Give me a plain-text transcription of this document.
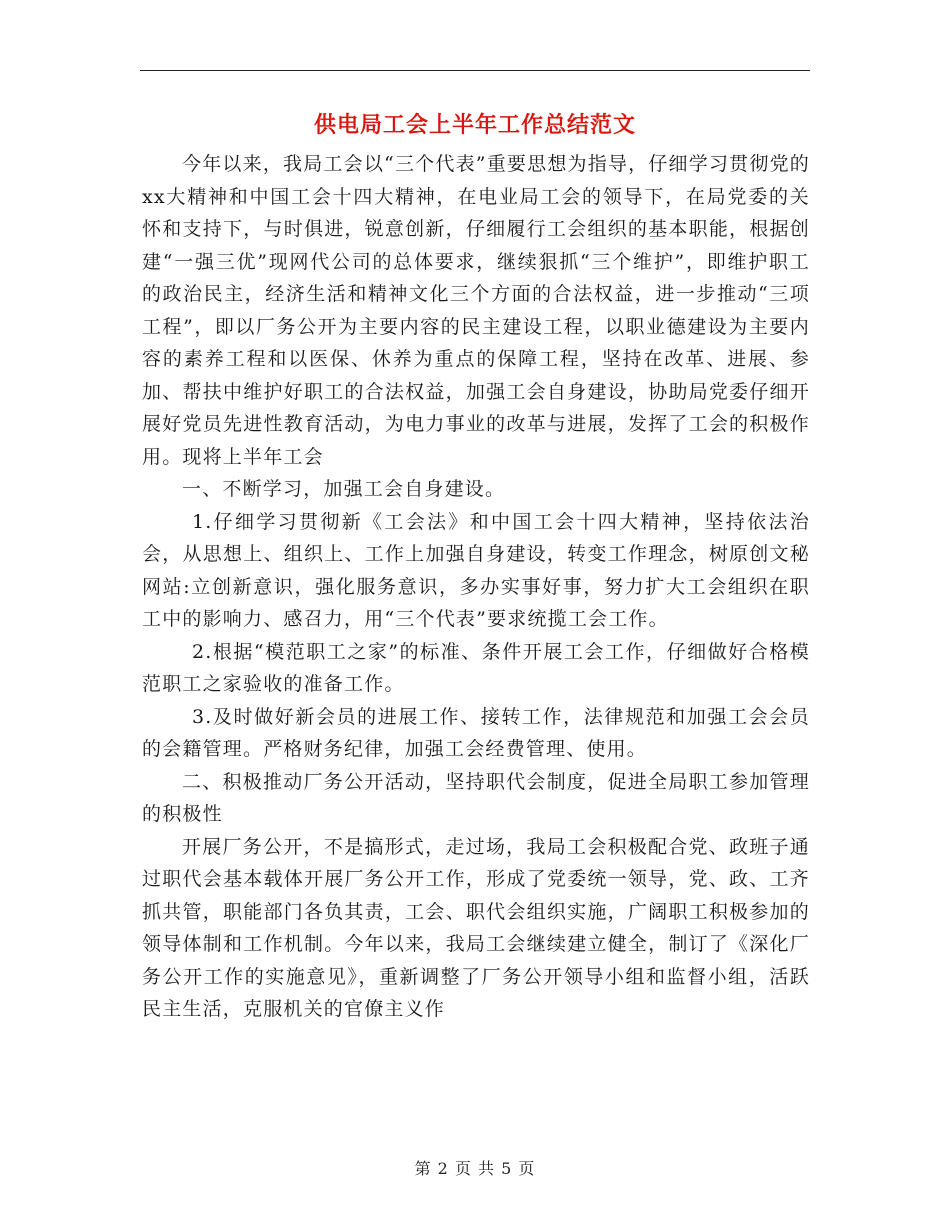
供电局工会上半年工作总结范文

今年以来，我局工会以“三个代表”重要思想为指导，仔细学习贯彻党的xx大精神和中国工会十四大精神，在电业局工会的领导下，在局党委的关怀和支持下，与时俱进，锐意创新，仔细履行工会组织的基本职能，根据创建“一强三优”现网代公司的总体要求，继续狠抓“三个维护”，即维护职工的政治民主，经济生活和精神文化三个方面的合法权益，进一步推动“三项工程”，即以厂务公开为主要内容的民主建设工程，以职业德建设为主要内容的素养工程和以医保、休养为重点的保障工程，坚持在改革、进展、参加、帮扶中维护好职工的合法权益，加强工会自身建设，协助局党委仔细开展好党员先进性教育活动，为电力事业的改革与进展，发挥了工会的积极作用。现将上半年工会

一、不断学习，加强工会自身建设。

1.仔细学习贯彻新《工会法》和中国工会十四大精神，坚持依法治会，从思想上、组织上、工作上加强自身建设，转变工作理念，树原创文秘网站:立创新意识，强化服务意识，多办实事好事，努力扩大工会组织在职工中的影响力、感召力，用“三个代表”要求统揽工会工作。

2.根据“模范职工之家”的标准、条件开展工会工作，仔细做好合格模范职工之家验收的准备工作。

3.及时做好新会员的进展工作、接转工作，法律规范和加强工会会员的会籍管理。严格财务纪律，加强工会经费管理、使用。

二、积极推动厂务公开活动，坚持职代会制度，促进全局职工参加管理的积极性

开展厂务公开，不是搞形式，走过场，我局工会积极配合党、政班子通过职代会基本载体开展厂务公开工作，形成了党委统一领导，党、政、工齐抓共管，职能部门各负其责，工会、职代会组织实施，广阔职工积极参加的领导体制和工作机制。今年以来，我局工会继续建立健全，制订了《深化厂务公开工作的实施意见》，重新调整了厂务公开领导小组和监督小组，活跃民主生活，克服机关的官僚主义作

第 2 页 共 5 页
